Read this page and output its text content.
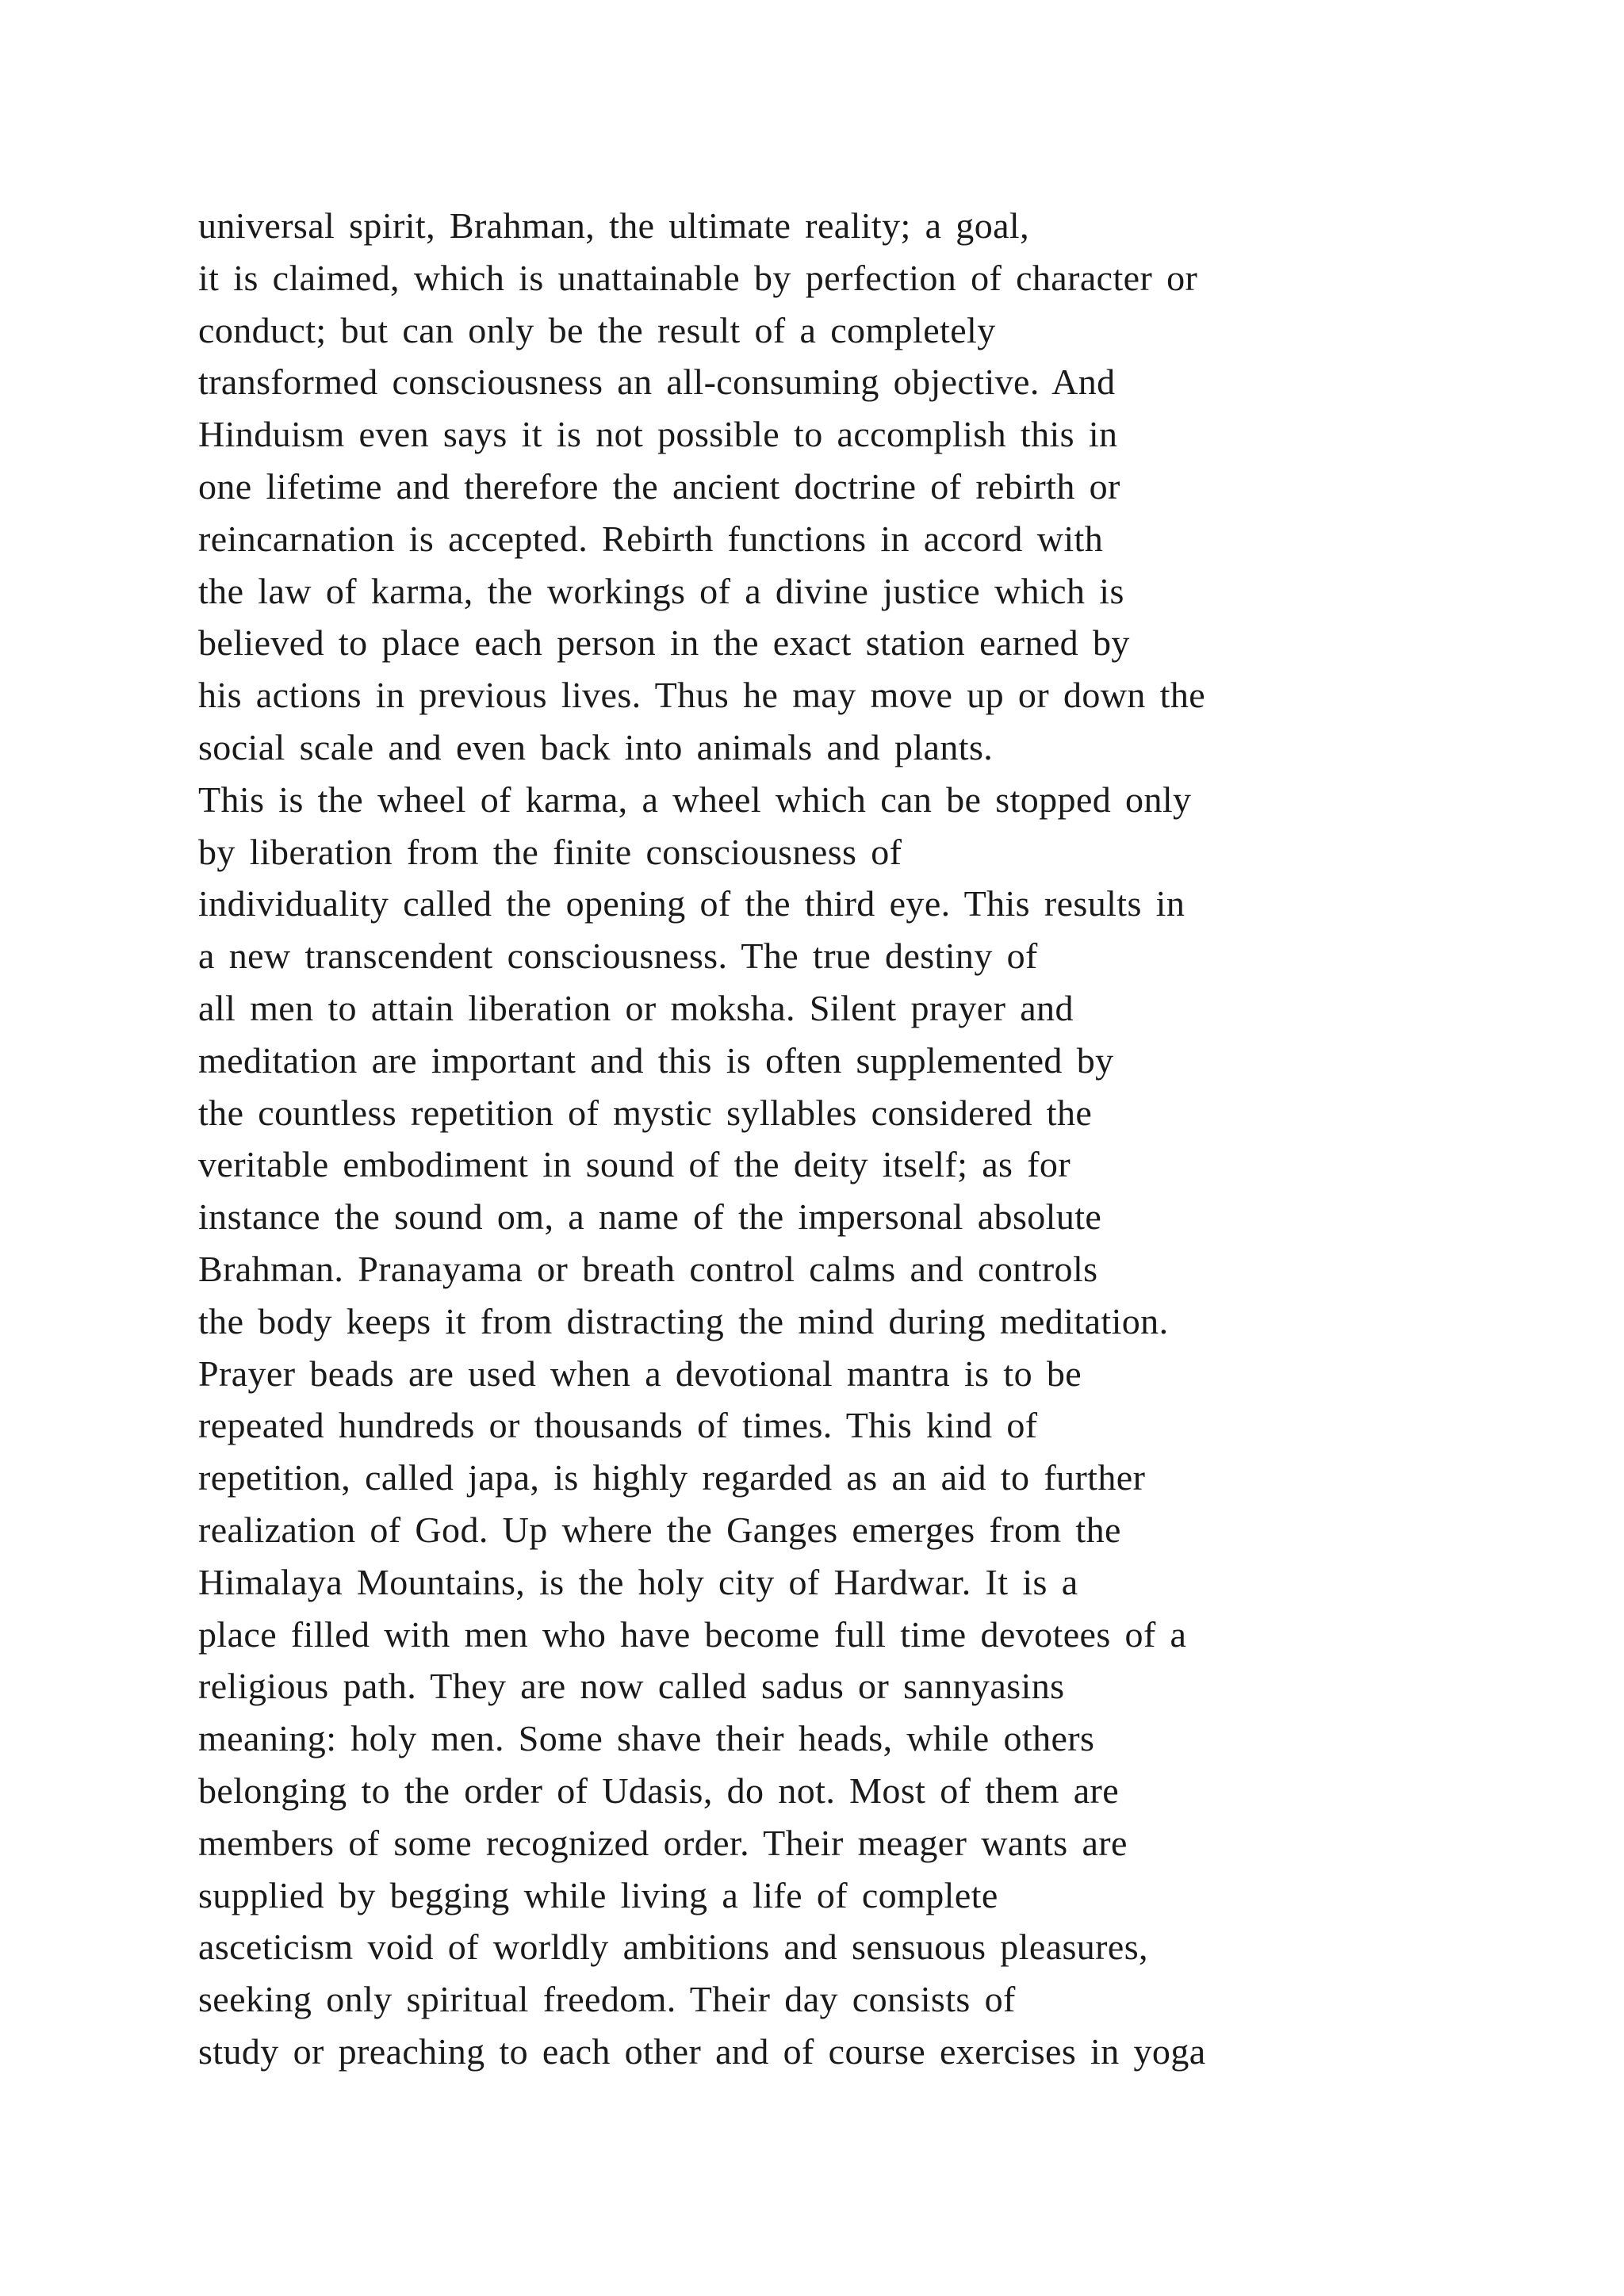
universal spirit, Brahman, the ultimate reality; a goal,
it is claimed, which is unattainable by perfection of character or
conduct; but can only be the result of a completely
transformed consciousness an all-consuming objective. And
Hinduism even says it is not possible to accomplish this in
one lifetime and therefore the ancient doctrine of rebirth or
reincarnation is accepted. Rebirth functions in accord with
the law of karma, the workings of a divine justice which is
believed to place each person in the exact station earned by
his actions in previous lives. Thus he may move up or down the
social scale and even back into animals and plants.
This is the wheel of karma, a wheel which can be stopped only
by liberation from the finite consciousness of
individuality called the opening of the third eye. This results in
a new transcendent consciousness. The true destiny of
all men to attain liberation or moksha. Silent prayer and
meditation are important and this is often supplemented by
the countless repetition of mystic syllables considered the
veritable embodiment in sound of the deity itself; as for
instance the sound om, a name of the impersonal absolute
Brahman. Pranayama or breath control calms and controls
the body keeps it from distracting the mind during meditation.
Prayer beads are used when a devotional mantra is to be
repeated hundreds or thousands of times. This kind of
repetition, called japa, is highly regarded as an aid to further
realization of God. Up where the Ganges emerges from the
Himalaya Mountains, is the holy city of Hardwar. It is a
place filled with men who have become full time devotees of a
religious path. They are now called sadus or sannyasins
meaning: holy men. Some shave their heads, while others
belonging to the order of Udasis, do not. Most of them are
members of some recognized order. Their meager wants are
supplied by begging while living a life of complete
asceticism void of worldly ambitions and sensuous pleasures,
seeking only spiritual freedom. Their day consists of
study or preaching to each other and of course exercises in yoga
